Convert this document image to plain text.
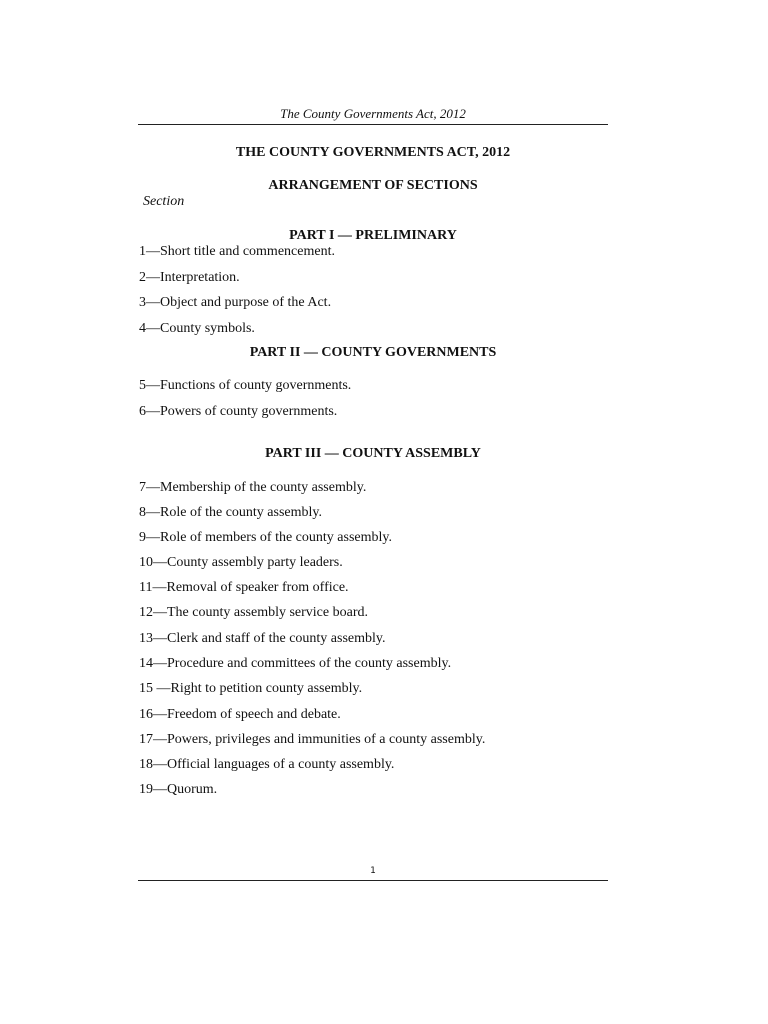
The County Governments Act, 2012
THE COUNTY GOVERNMENTS ACT, 2012
ARRANGEMENT OF SECTIONS
Section
PART I — PRELIMINARY
1—Short title and commencement.
2—Interpretation.
3—Object and purpose of the Act.
4—County symbols.
PART II — COUNTY GOVERNMENTS
5—Functions of county governments.
6—Powers of county governments.
PART III — COUNTY ASSEMBLY
7—Membership of the county assembly.
8—Role of the county assembly.
9—Role of members of the county assembly.
10—County assembly party leaders.
11—Removal of speaker from office.
12—The county assembly service board.
13—Clerk and staff of the county assembly.
14—Procedure and committees of the county assembly.
15 —Right to petition county assembly.
16—Freedom of speech and debate.
17—Powers, privileges and immunities of a county assembly.
18—Official languages of a county assembly.
19—Quorum.
1
